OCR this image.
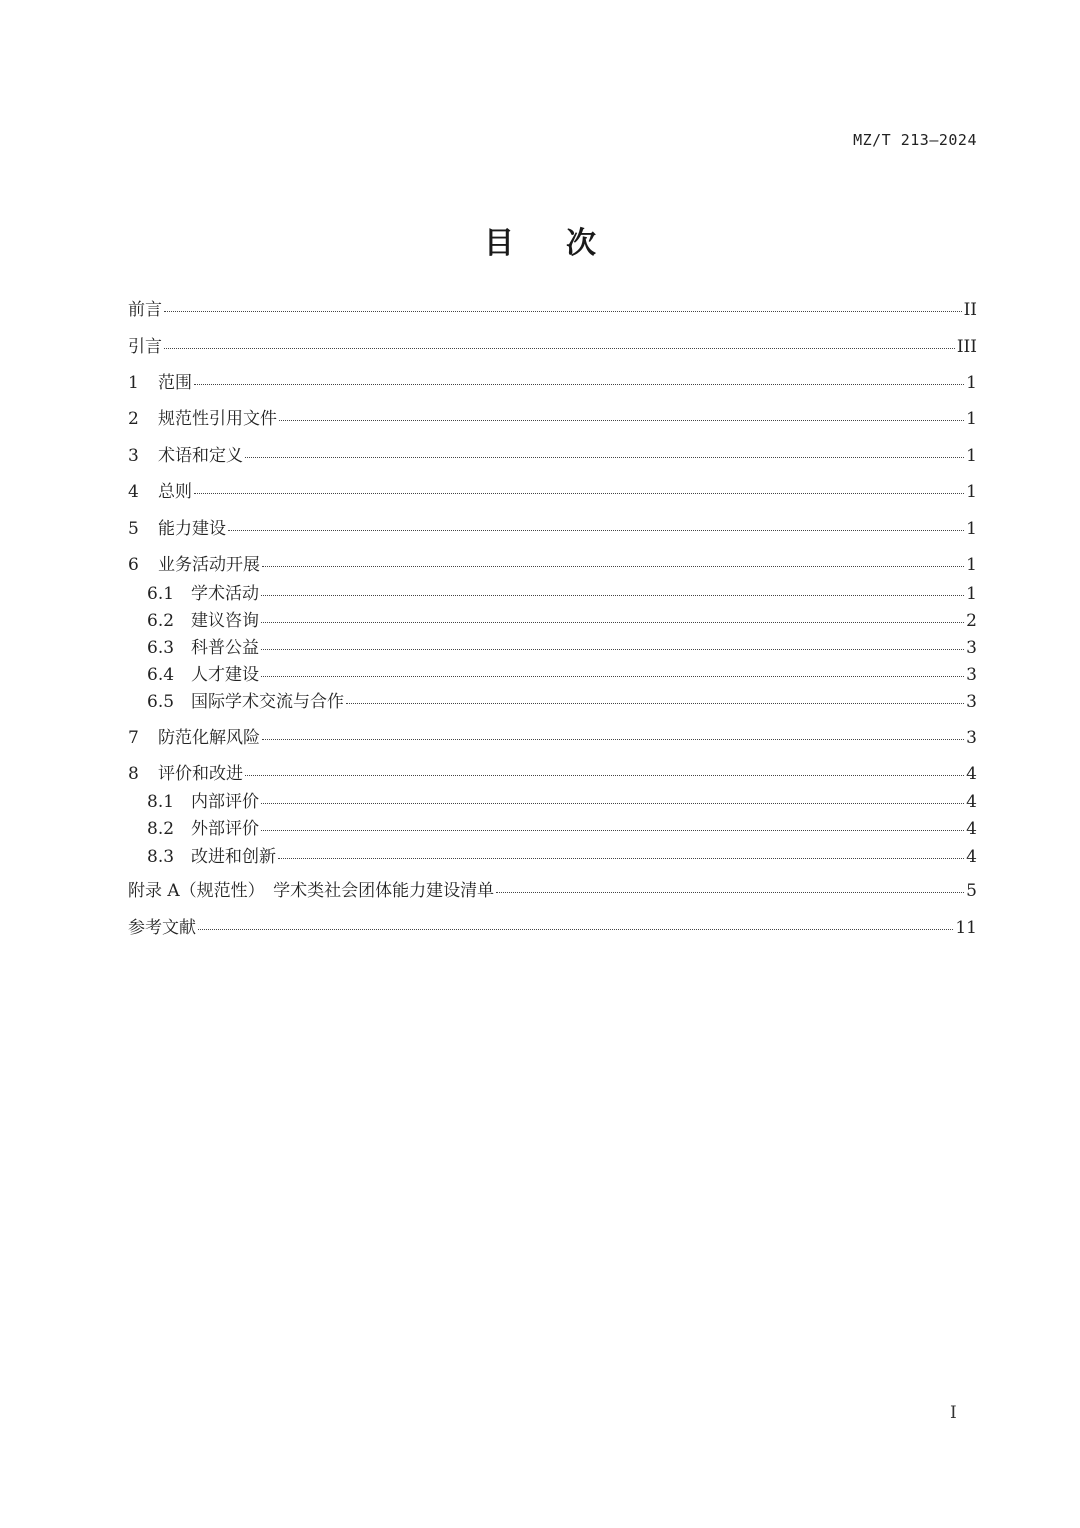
MZ/T 213—2024
目次
前言	II
引言	III
1	范围	1
2	规范性引用文件	1
3	术语和定义	1
4	总则	1
5	能力建设	1
6	业务活动开展	1
6.1 学术活动	1
6.2 建议咨询	2
6.3 科普公益	3
6.4 人才建设	3
6.5 国际学术交流与合作	3
7	防范化解风险	3
8	评价和改进	4
8.1 内部评价	4
8.2 外部评价	4
8.3 改进和创新	4
附录 A（规范性）　学术类社会团体能力建设清单	5
参考文献	11
I
